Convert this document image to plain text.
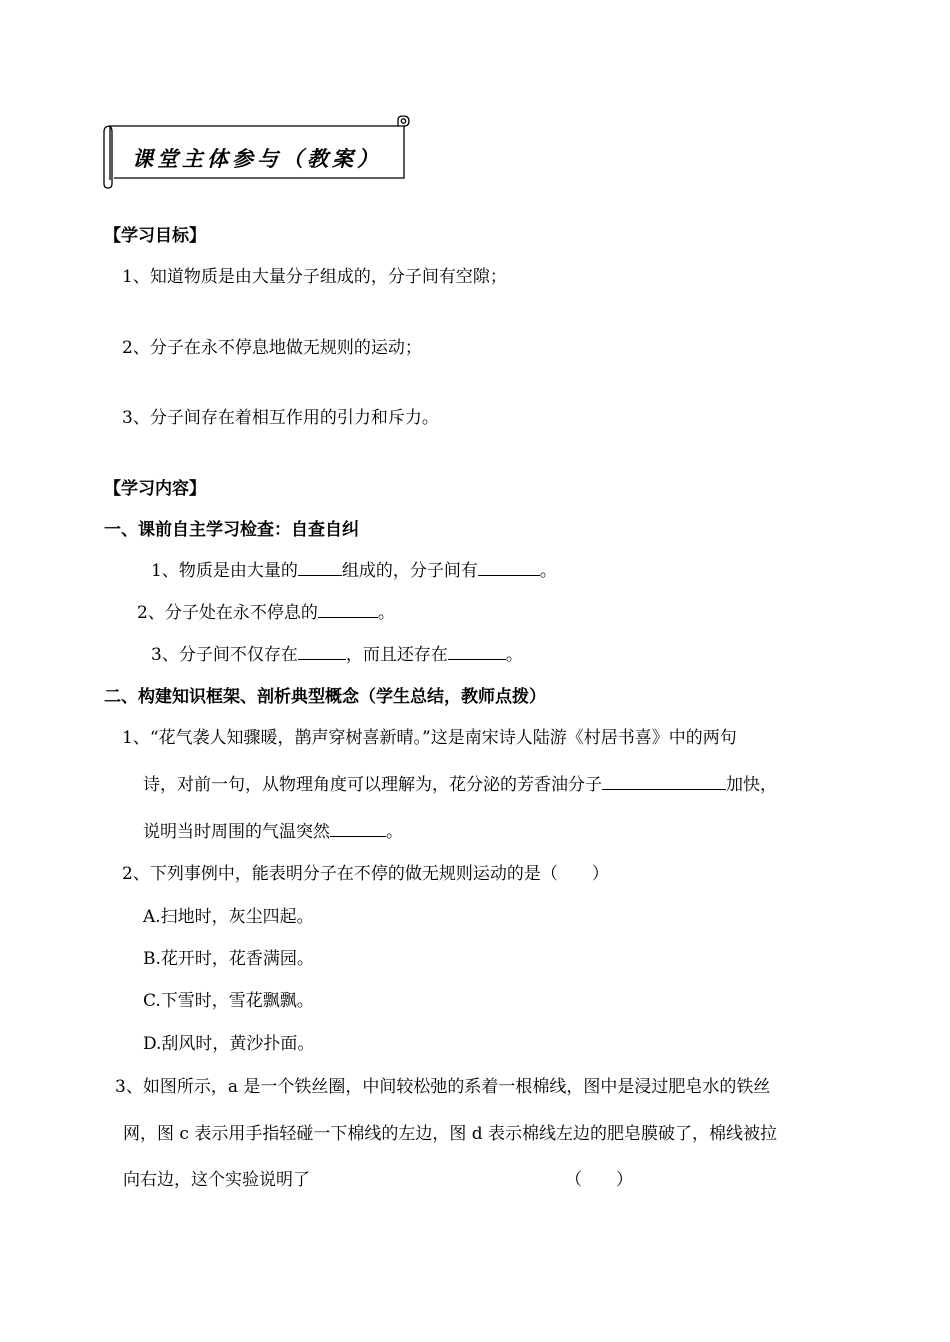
课堂主体参与（教案）
【学习目标】
1、知道物质是由大量分子组成的，分子间有空隙；
2、分子在永不停息地做无规则的运动；
3、分子间存在着相互作用的引力和斥力。
【学习内容】
一、课前自主学习检查：自查自纠
1、物质是由大量的	组成的，分子间有	。
2、分子处在永不停息的	。
3、分子间不仅存在	，而且还存在	。
二、构建知识框架、剖析典型概念（学生总结，教师点拨）
1、“花气袭人知骤暖，鹊声穿树喜新晴。”这是南宋诗人陆游《村居书喜》中的两句
诗，对前一句，从物理角度可以理解为，花分泌的芳香油分子	加快，
说明当时周围的气温突然	。
2、下列事例中，能表明分子在不停的做无规则运动的是（　　）
A.扫地时，灰尘四起。
B.花开时，花香满园。
C.下雪时，雪花飘飘。
D.刮风时，黄沙扑面。
3、如图所示，a 是一个铁丝圈，中间较松弛的系着一根棉线，图中是浸过肥皂水的铁丝
网，图 c 表示用手指轻碰一下棉线的左边，图 d 表示棉线左边的肥皂膜破了，棉线被拉
向右边，这个实验说明了	（　　）
